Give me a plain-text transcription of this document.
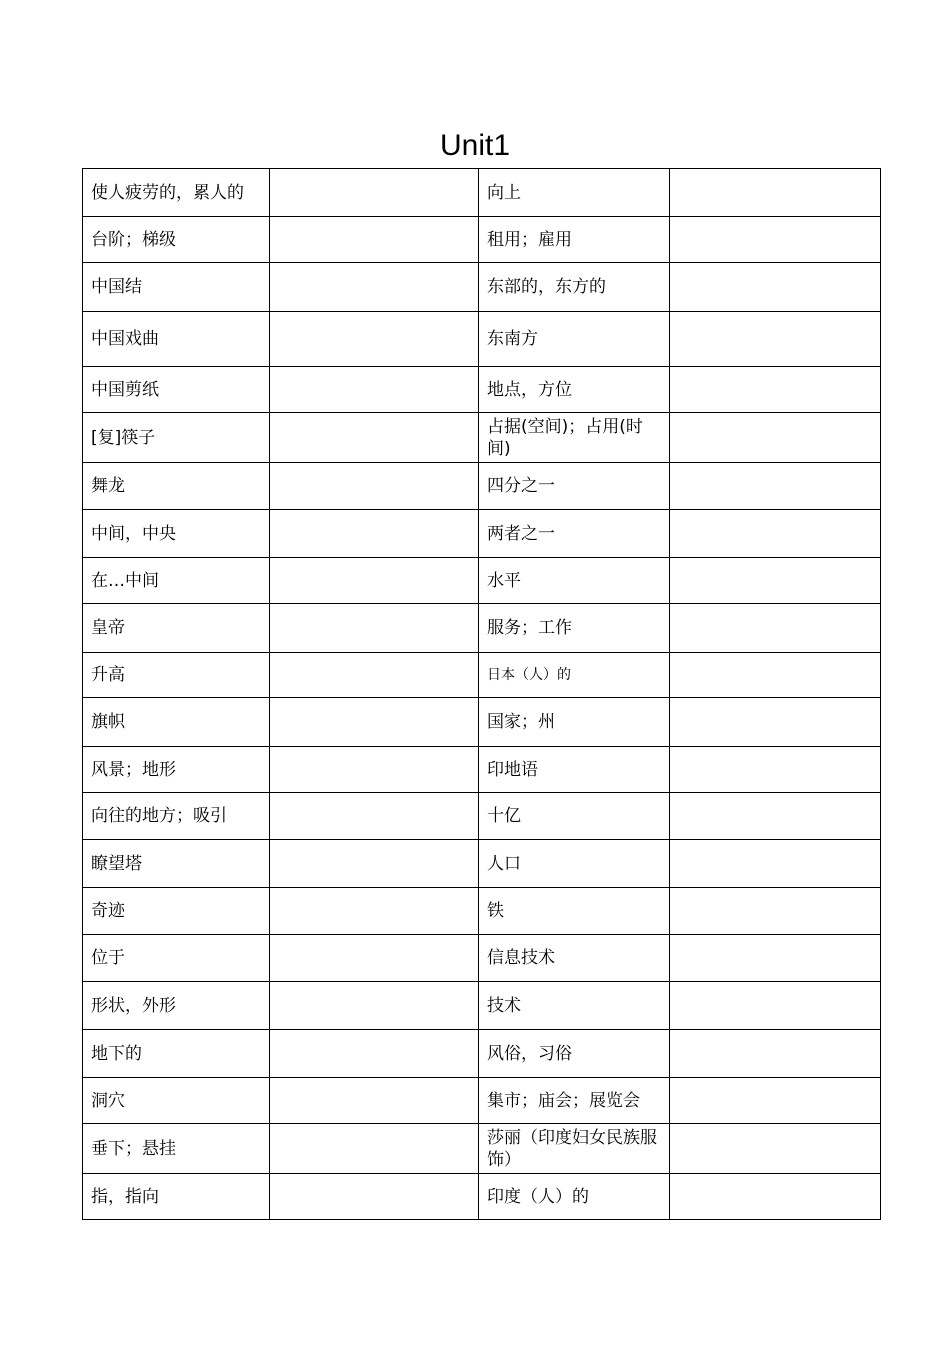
Unit1
使人疲劳的，累人的		向上	
台阶；梯级		租用；雇用	
中国结		东部的，东方的	
中国戏曲		东南方	
中国剪纸		地点，方位	
[复]筷子		占据(空间)；占用(时间)	
舞龙		四分之一	
中间，中央		两者之一	
在…中间		水平	
皇帝		服务；工作	
升高		日本（人）的	
旗帜		国家；州	
风景；地形		印地语	
向往的地方；吸引		十亿	
瞭望塔		人口	
奇迹		铁	
位于		信息技术	
形状，外形		技术	
地下的		风俗，习俗	
洞穴		集市；庙会；展览会	
垂下；悬挂		莎丽（印度妇女民族服饰）	
指，指向		印度（人）的	
